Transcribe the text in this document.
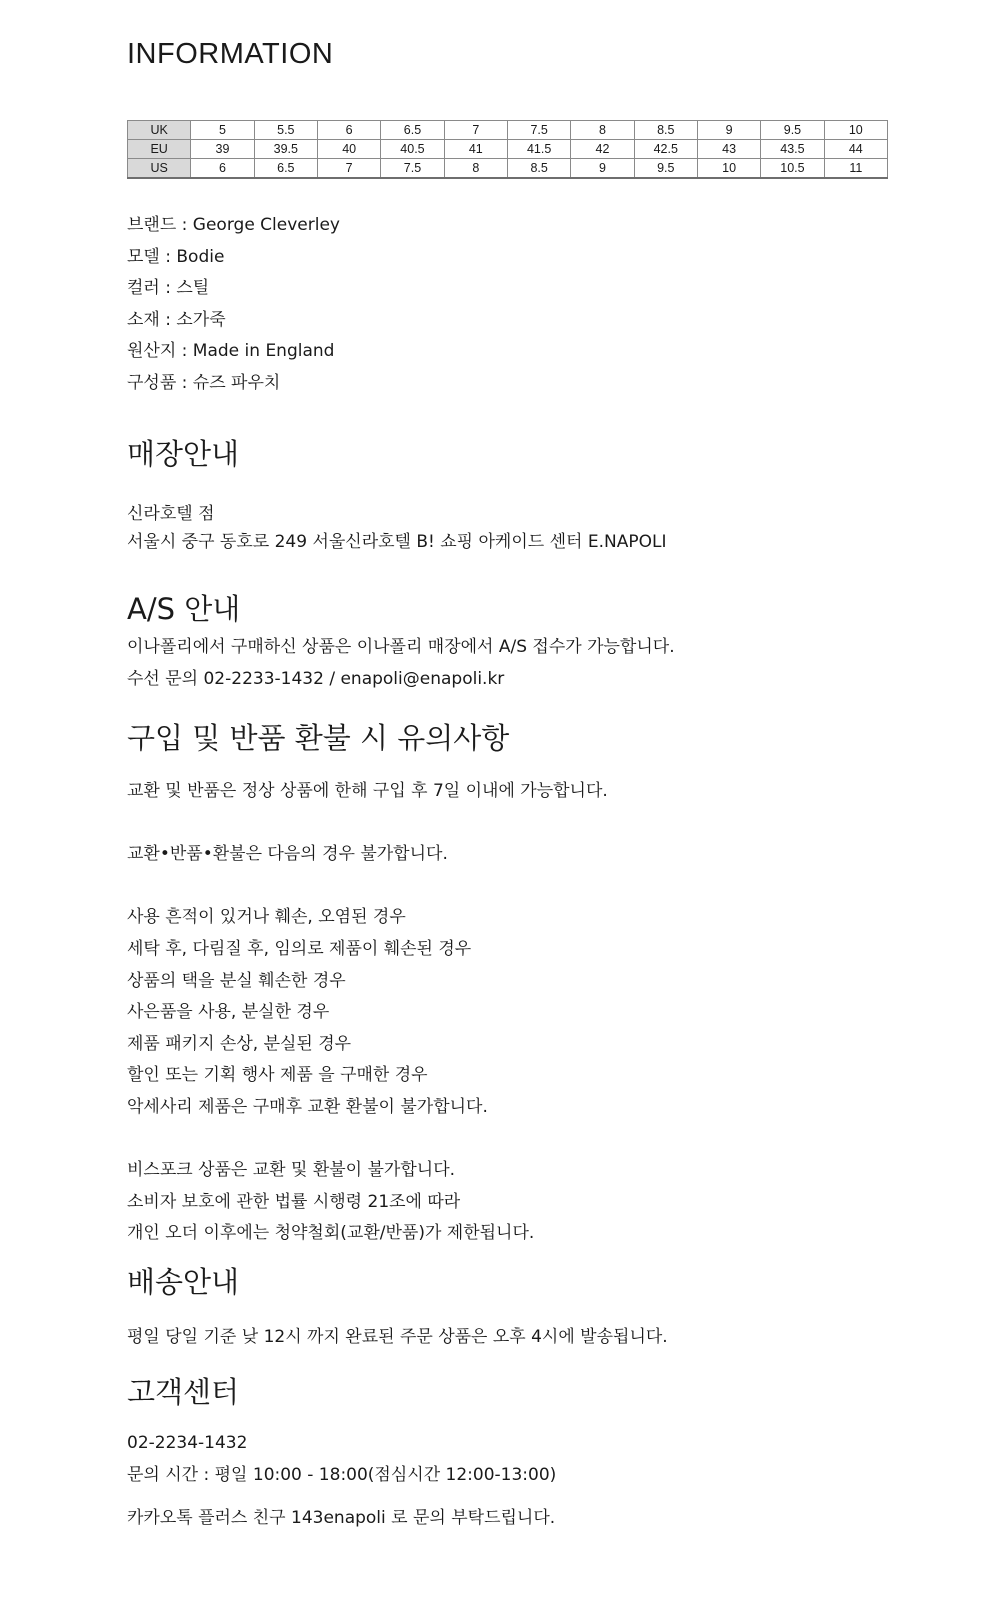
INFORMATION
UK	5	5.5	6	6.5	7	7.5	8	8.5	9	9.5	10
EU	39	39.5	40	40.5	41	41.5	42	42.5	43	43.5	44
US	6	6.5	7	7.5	8	8.5	9	9.5	10	10.5	11
브랜드 : George Cleverley
모델 : Bodie
컬러 : 스틸
소재 : 소가죽
원산지 : Made in England
구성품 : 슈즈 파우치
매장안내
신라호텔 점
서울시 중구 동호로 249 서울신라호텔 B! 쇼핑 아케이드 센터 E.NAPOLI
A/S 안내
이나폴리에서 구매하신 상품은 이나폴리 매장에서 A/S 접수가 가능합니다.
수선 문의 02-2233-1432 / enapoli@enapoli.kr
구입 및 반품 환불 시 유의사항
교환 및 반품은 정상 상품에 한해 구입 후 7일 이내에 가능합니다.
교환•반품•환불은 다음의 경우 불가합니다.
사용 흔적이 있거나 훼손, 오염된 경우
세탁 후, 다림질 후, 임의로 제품이 훼손된 경우
상품의 택을 분실 훼손한 경우
사은품을 사용, 분실한 경우
제품 패키지 손상, 분실된 경우
할인 또는 기획 행사 제품 을 구매한 경우
악세사리 제품은 구매후 교환 환불이 불가합니다.
비스포크 상품은 교환 및 환불이 불가합니다.
소비자 보호에 관한 법률 시행령 21조에 따라
개인 오더 이후에는 청약철회(교환/반품)가 제한됩니다.
배송안내
평일 당일 기준 낮 12시 까지 완료된 주문 상품은 오후 4시에 발송됩니다.
고객센터
02-2234-1432
문의 시간 : 평일 10:00 - 18:00(점심시간 12:00-13:00)
카카오톡 플러스 친구 143enapoli 로 문의 부탁드립니다.
